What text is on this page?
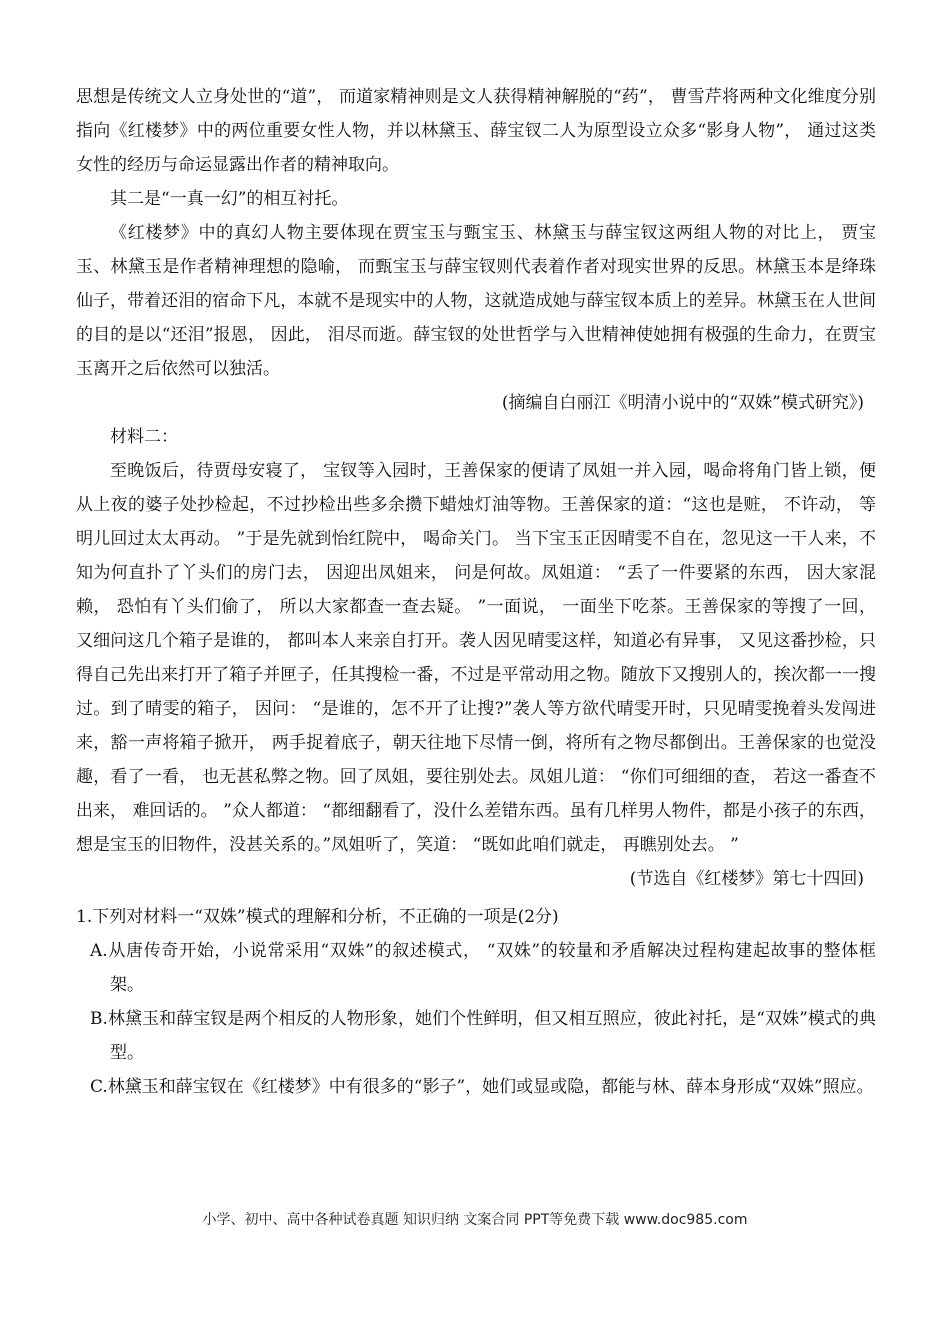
思想是传统文人立身处世的“道”， 而道家精神则是文人获得精神解脱的“药”， 曹雪芹将两种文化维度分别指向《红楼梦》中的两位重要女性人物，并以林黛玉、薛宝钗二人为原型设立众多“影身人物”， 通过这类女性的经历与命运显露出作者的精神取向。

其二是“一真一幻”的相互衬托。

《红楼梦》中的真幻人物主要体现在贾宝玉与甄宝玉、林黛玉与薛宝钗这两组人物的对比上， 贾宝玉、林黛玉是作者精神理想的隐喻， 而甄宝玉与薛宝钗则代表着作者对现实世界的反思。林黛玉本是绛珠仙子，带着还泪的宿命下凡，本就不是现实中的人物，这就造成她与薛宝钗本质上的差异。林黛玉在人世间的目的是以“还泪”报恩， 因此， 泪尽而逝。薛宝钗的处世哲学与入世精神使她拥有极强的生命力，在贾宝玉离开之后依然可以独活。

(摘编自白丽江《明清小说中的“双姝”模式研究》)

材料二：

至晚饭后，待贾母安寝了， 宝钗等入园时，王善保家的便请了凤姐一并入园，喝命将角门皆上锁，便从上夜的婆子处抄检起，不过抄检出些多余攒下蜡烛灯油等物。王善保家的道：“这也是赃， 不许动， 等明儿回过太太再动。 ”于是先就到怡红院中， 喝命关门。 当下宝玉正因晴雯不自在，忽见这一干人来，不知为何直扑了丫头们的房门去， 因迎出凤姐来， 问是何故。凤姐道： “丢了一件要紧的东西， 因大家混赖， 恐怕有丫头们偷了， 所以大家都查一查去疑。 ”一面说， 一面坐下吃茶。王善保家的等搜了一回， 又细问这几个箱子是谁的， 都叫本人来亲自打开。袭人因见晴雯这样，知道必有异事， 又见这番抄检，只得自己先出来打开了箱子并匣子，任其搜检一番，不过是平常动用之物。随放下又搜别人的，挨次都一一搜过。到了晴雯的箱子， 因问： “是谁的，怎不开了让搜?”袭人等方欲代晴雯开时，只见晴雯挽着头发闯进来，豁一声将箱子掀开， 两手捉着底子，朝天往地下尽情一倒，将所有之物尽都倒出。王善保家的也觉没趣，看了一看， 也无甚私弊之物。回了凤姐，要往别处去。凤姐儿道： “你们可细细的查， 若这一番查不出来， 难回话的。 ”众人都道： “都细翻看了，没什么差错东西。虽有几样男人物件，都是小孩子的东西，想是宝玉的旧物件，没甚关系的。”凤姐听了，笑道： “既如此咱们就走， 再瞧别处去。 ”

(节选自《红楼梦》第七十四回)

1.下列对材料一“双姝”模式的理解和分析，不正确的一项是(2分)

A.从唐传奇开始，小说常采用“双姝”的叙述模式， “双姝”的较量和矛盾解决过程构建起故事的整体框架。

B.林黛玉和薛宝钗是两个相反的人物形象，她们个性鲜明，但又相互照应，彼此衬托，是“双姝”模式的典型。

C.林黛玉和薛宝钗在《红楼梦》中有很多的“影子”，她们或显或隐，都能与林、薛本身形成“双姝”照应。

小学、初中、高中各种试卷真题 知识归纳 文案合同 PPT等免费下载 www.doc985.com
